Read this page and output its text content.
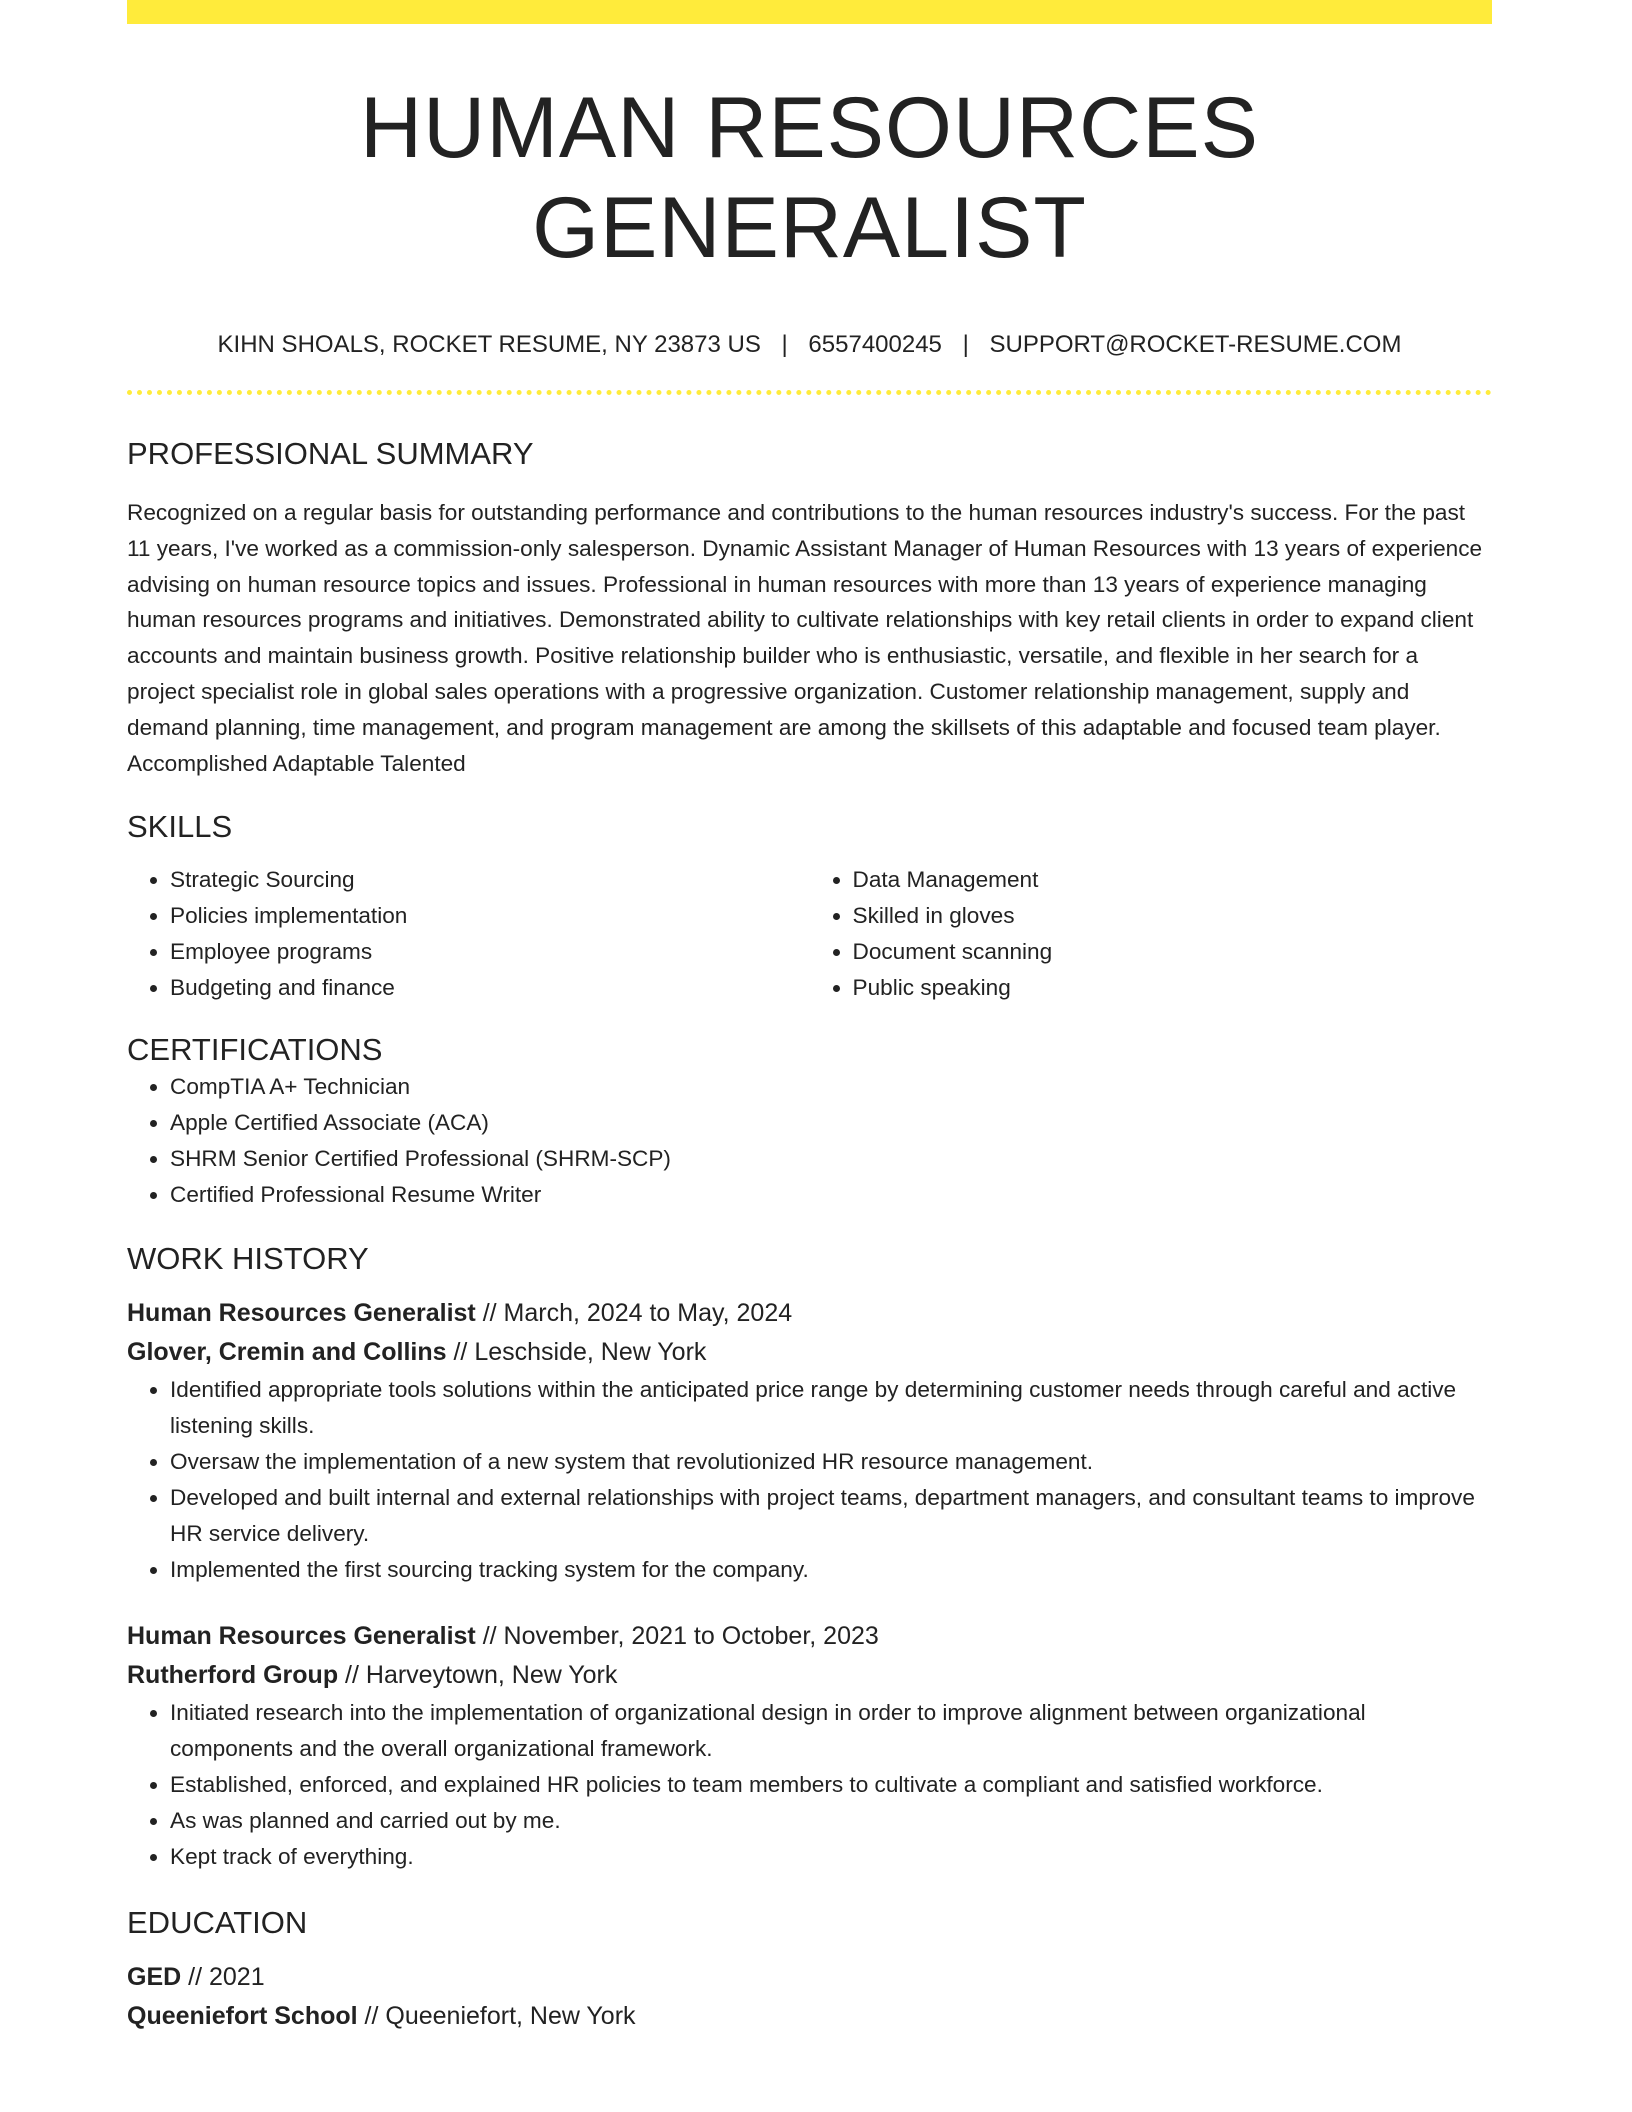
HUMAN RESOURCES GENERALIST
KIHN SHOALS, ROCKET RESUME, NY 23873 US | 6557400245 | SUPPORT@ROCKET-RESUME.COM
PROFESSIONAL SUMMARY
Recognized on a regular basis for outstanding performance and contributions to the human resources industry's success. For the past 11 years, I've worked as a commission-only salesperson. Dynamic Assistant Manager of Human Resources with 13 years of experience advising on human resource topics and issues. Professional in human resources with more than 13 years of experience managing human resources programs and initiatives. Demonstrated ability to cultivate relationships with key retail clients in order to expand client accounts and maintain business growth. Positive relationship builder who is enthusiastic, versatile, and flexible in her search for a project specialist role in global sales operations with a progressive organization. Customer relationship management, supply and demand planning, time management, and program management are among the skillsets of this adaptable and focused team player. Accomplished Adaptable Talented
SKILLS
• Strategic Sourcing
• Policies implementation
• Employee programs
• Budgeting and finance
• Data Management
• Skilled in gloves
• Document scanning
• Public speaking
CERTIFICATIONS
• CompTIA A+ Technician
• Apple Certified Associate (ACA)
• SHRM Senior Certified Professional (SHRM-SCP)
• Certified Professional Resume Writer
WORK HISTORY
Human Resources Generalist // March, 2024 to May, 2024
Glover, Cremin and Collins // Leschside, New York
• Identified appropriate tools solutions within the anticipated price range by determining customer needs through careful and active listening skills.
• Oversaw the implementation of a new system that revolutionized HR resource management.
• Developed and built internal and external relationships with project teams, department managers, and consultant teams to improve HR service delivery.
• Implemented the first sourcing tracking system for the company.
Human Resources Generalist // November, 2021 to October, 2023
Rutherford Group // Harveytown, New York
• Initiated research into the implementation of organizational design in order to improve alignment between organizational components and the overall organizational framework.
• Established, enforced, and explained HR policies to team members to cultivate a compliant and satisfied workforce.
• As was planned and carried out by me.
• Kept track of everything.
EDUCATION
GED // 2021
Queeniefort School // Queeniefort, New York
